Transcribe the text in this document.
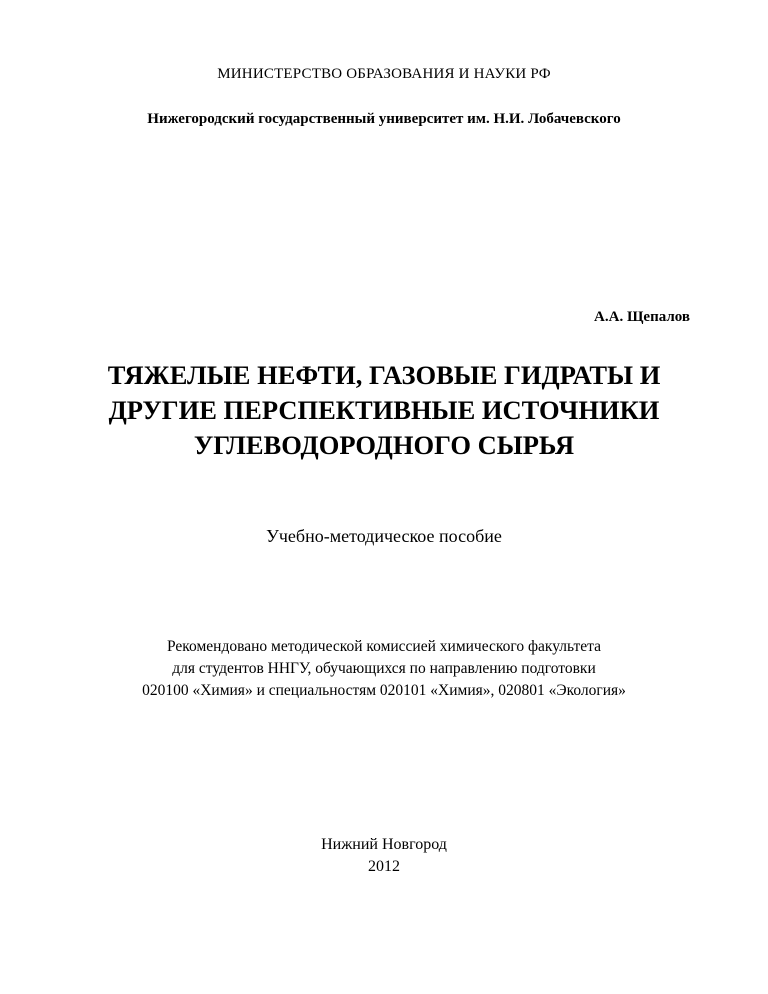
МИНИСТЕРСТВО ОБРАЗОВАНИЯ И НАУКИ РФ
Нижегородский государственный университет им. Н.И. Лобачевского
А.А. Щепалов
ТЯЖЕЛЫЕ НЕФТИ, ГАЗОВЫЕ ГИДРАТЫ И
ДРУГИЕ ПЕРСПЕКТИВНЫЕ ИСТОЧНИКИ
УГЛЕВОДОРОДНОГО СЫРЬЯ
Учебно-методическое пособие
Рекомендовано методической комиссией химического факультета
для студентов ННГУ, обучающихся по направлению подготовки
020100 «Химия» и специальностям 020101 «Химия», 020801 «Экология»
Нижний Новгород
2012
